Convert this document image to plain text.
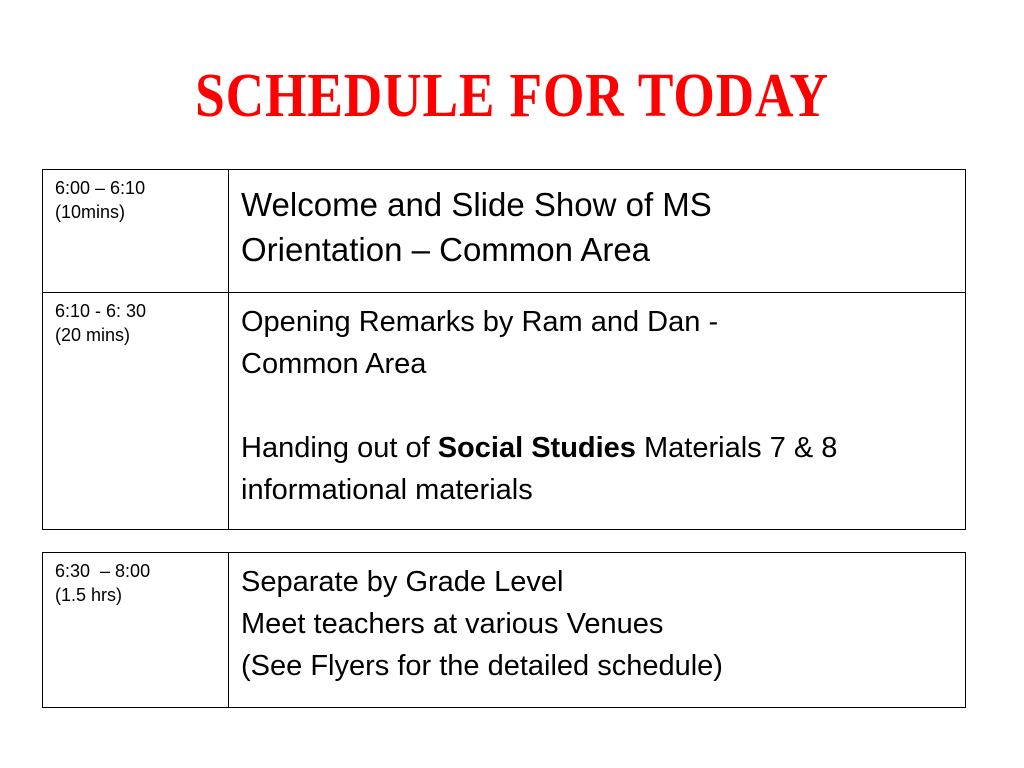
SCHEDULE FOR TODAY
6:00 – 6:10
(10mins)	Welcome and Slide Show of MS
Orientation – Common Area

6:10 - 6: 30
(20 mins)	Opening Remarks by Ram and Dan -
Common Area
Handing out of Social Studies Materials 7 & 8
informational materials
6:30  – 8:00
(1.5 hrs)	Separate by Grade Level
Meet teachers at various Venues
(See Flyers for the detailed schedule)
